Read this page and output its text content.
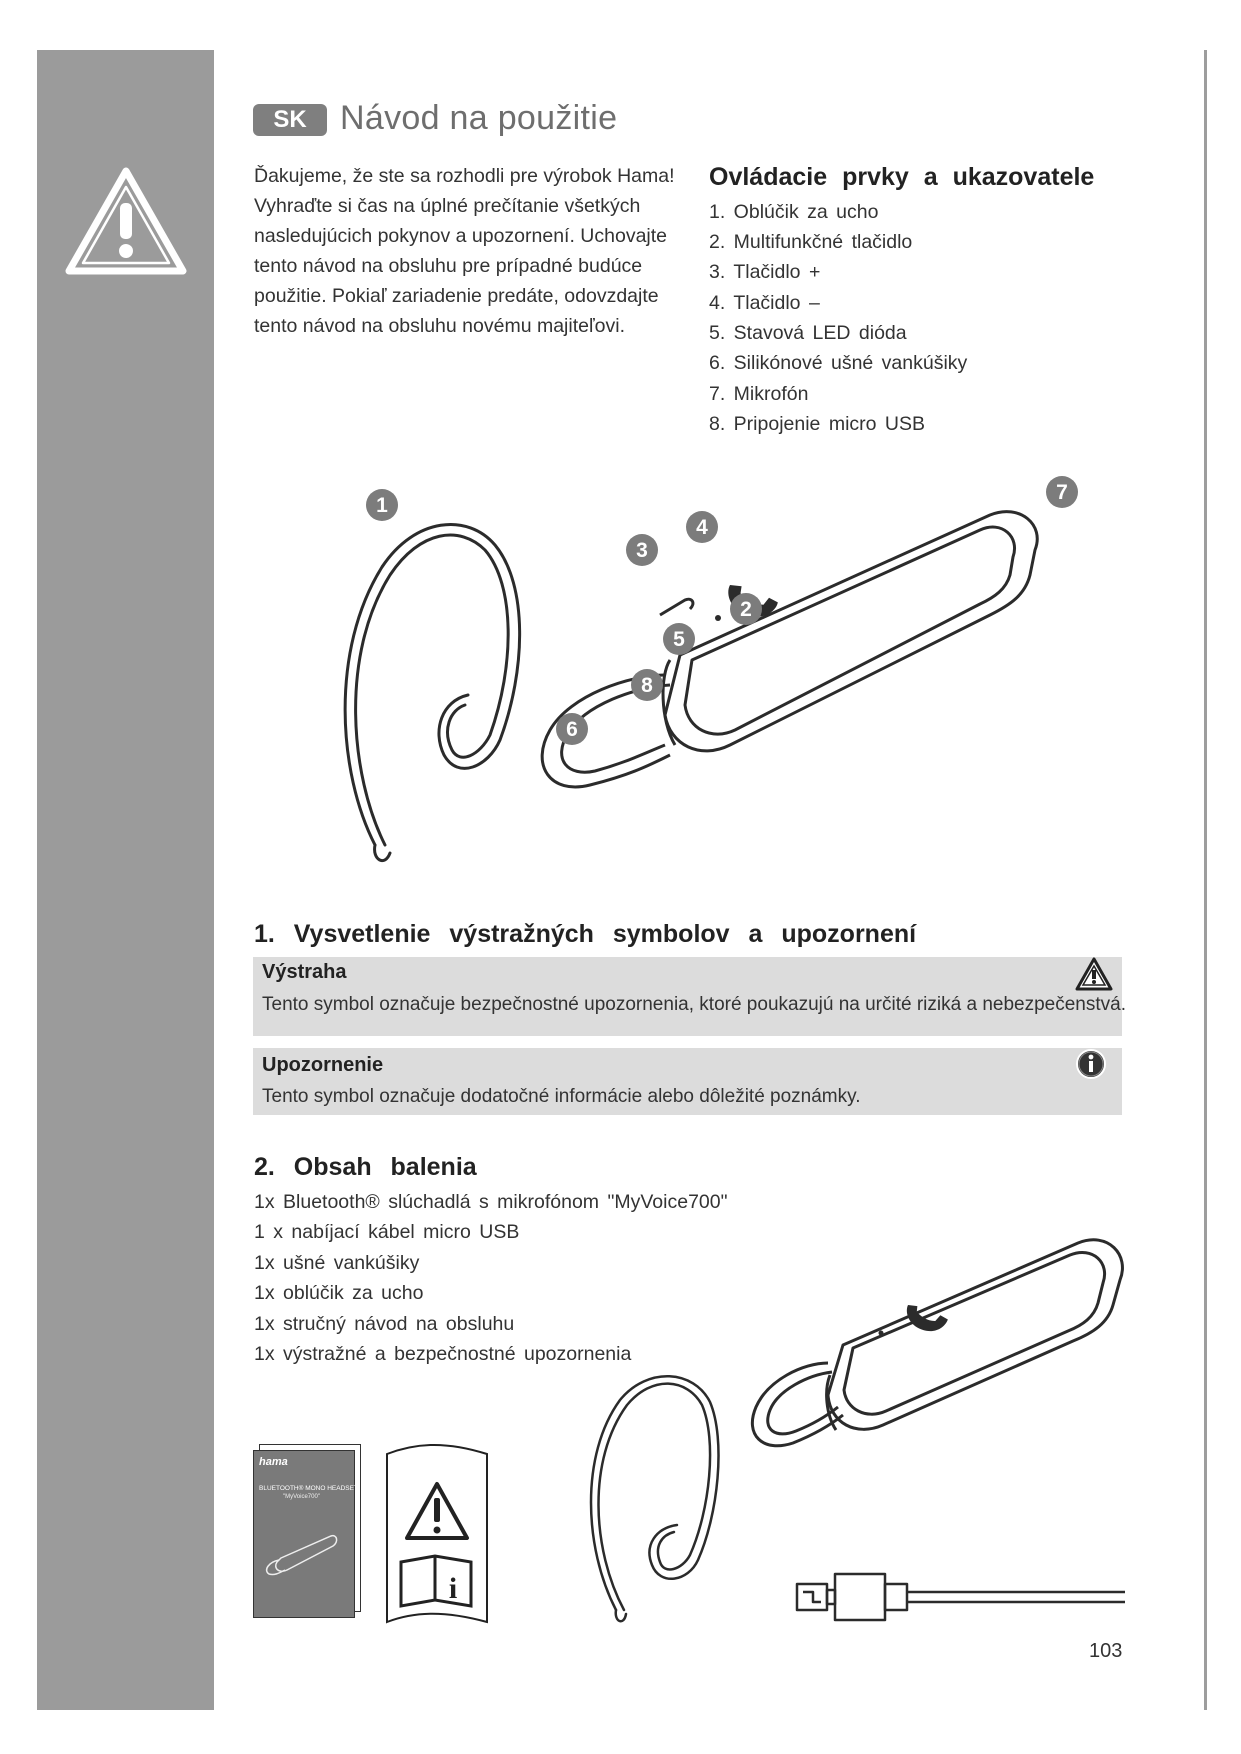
SK Návod na použitie
Ďakujeme, že ste sa rozhodli pre výrobok Hama!
Vyhraďte si čas na úplné prečítanie všetkých
nasledujúcich pokynov a upozornení. Uchovajte
tento návod na obsluhu pre prípadné budúce
použitie. Pokiaľ zariadenie predáte, odovzdajte
tento návod na obsluhu novému majiteľovi.
Ovládacie prvky a ukazovatele
1. Oblúčik za ucho
2. Multifunkčné tlačidlo
3. Tlačidlo +
4. Tlačidlo –
5. Stavová LED dióda
6. Silikónové ušné vankúšiky
7. Mikrofón
8. Pripojenie micro USB
1
2
3
4
5
6
7
8
1. Vysvetlenie výstražných symbolov a upozornení
Výstraha
Tento symbol označuje bezpečnostné upozornenia, ktoré poukazujú na určité riziká a nebezpečenstvá.
Upozornenie
Tento symbol označuje dodatočné informácie alebo dôležité poznámky.
2. Obsah balenia
1x Bluetooth® slúchadlá s mikrofónom "MyVoice700"
1 x nabíjací kábel micro USB
1x ušné vankúšiky
1x oblúčik za ucho
1x stručný návod na obsluhu
1x výstražné a bezpečnostné upozornenia
hama
BLUETOOTH® MONO HEADSET
"MyVoice700"
i
103
